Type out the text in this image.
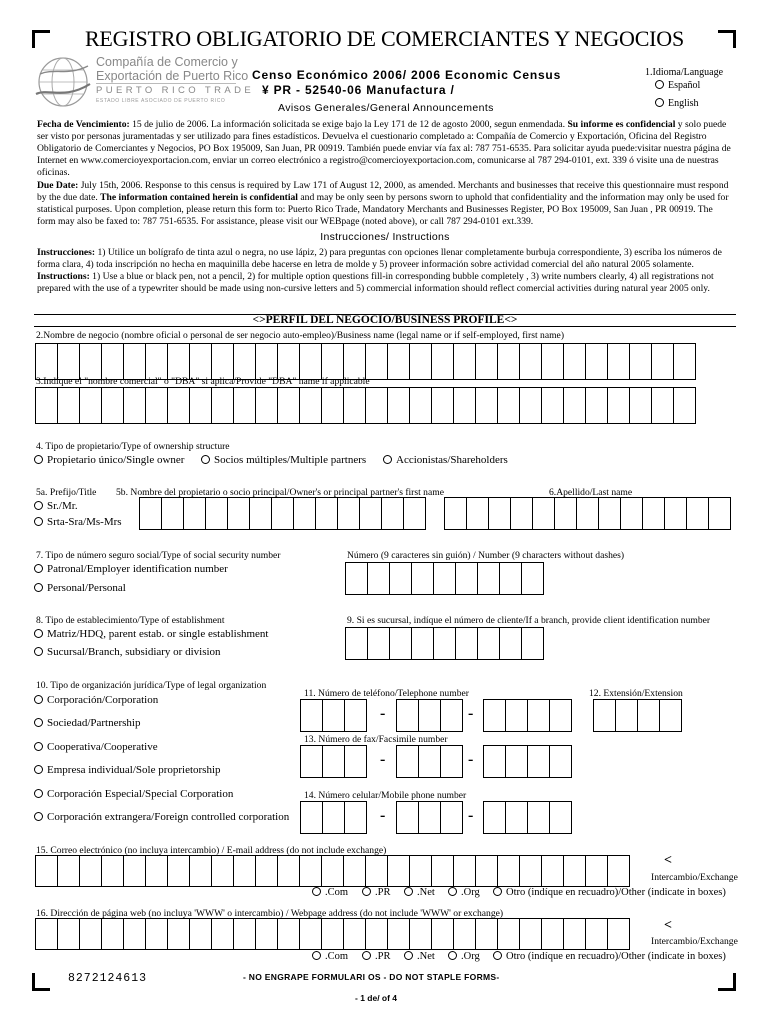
REGISTRO OBLIGATORIO DE COMERCIANTES Y NEGOCIOS
Compañía de Comercio y
Exportación de Puerto Rico
PUERTO RICO TRADE
ESTADO LIBRE ASOCIADO DE PUERTO RICO
Censo Económico 2006/ 2006 Economic Census
¥ PR - 52540-06 Manufactura /
Avisos Generales/General Announcements
1.Idioma/Language
Español
English
Fecha de Vencimiento: 15 de julio de 2006. La información solicitada se exige bajo la Ley 171 de 12 de agosto 2000, segun enmendada. Su informe es confidencial y solo puede ser visto por personas juramentadas y ser utilizado para fines estadísticos. Devuelva el cuestionario completado a: Compañía de Comercio y Exportación, Oficina del Registro Obligatorio de Comerciantes y Negocios, PO Box 195009, San Juan, PR 00919. También puede enviar vía fax al: 787 751-6535. Para solicitar ayuda puede:visitar nuestra página de Internet en www.comercioyexportacion.com, enviar un correo electrónico a registro@comercioyexportacion.com, comunicarse al 787 294-0101, ext. 339 ó visite una de nuestras oficinas.
Due Date: July 15th, 2006. Response to this census is required by Law 171 of August 12, 2000, as amended. Merchants and businesses that receive this questionnaire must respond by the due date. The information contained herein is confidential and may be only seen by persons sworn to uphold that confidentiality and the information may only be used for statistical purposes. Upon completion, please return this form to: Puerto Rico Trade, Mandatory Merchants and Businesses Register, PO Box 195009, San Juan , PR 00919. The form may also be faxed to: 787 751-6535. For assistance, please visit our WEBpage (noted above), or call 787 294-0101 ext.339.
Instrucciones/ Instructions
Instrucciones: 1) Utilice un bolígrafo de tinta azul o negra, no use lápiz, 2) para preguntas con opciones llenar completamente burbuja correspondiente, 3) escriba los números de forma clara, 4) toda inscripción no hecha en maquinilla debe hacerse en letra de molde y 5) proveer información sobre actividad comercial del año natural 2005 solamente. Instructions: 1) Use a blue or black pen, not a pencil, 2) for multiple option questions fill-in corresponding bubble completely , 3) write numbers clearly, 4) all registrations not prepared with the use of a typewriter should be made using non-cursive letters and 5) commercial information should reflect comercial activities during natural year 2005 only.
<>PERFIL DEL NEGOCIO/BUSINESS PROFILE<>
2.Nombre de negocio (nombre oficial o personal de ser negocio auto-empleo)/Business name (legal name or if self-employed, first name)
3.Indíque el "nombre comercial" o "DBA" si aplica/Provide "DBA" name if applicable
4. Tipo de propietario/Type of ownership structure
Propietario único/Single owner	Socios múltiples/Multiple partners	Accionistas/Shareholders
5a. Prefijo/Title 5b. Nombre del propietario o socio principal/Owner's or principal partner's first name	6.Apellido/Last name
Sr./Mr.
Srta-Sra/Ms-Mrs
7. Tipo de número seguro social/Type of social security number	Número (9 caracteres sin guión) / Number (9 characters without dashes)
Patronal/Employer identification number
Personal/Personal
8. Tipo de establecimiento/Type of establishment	9. Si es sucursal, indíque el número de cliente/If a branch, provide client identification number
Matriz/HDQ, parent estab. or single establishment
Sucursal/Branch, subsidiary or division
10. Tipo de organización jurídica/Type of legal organization
Corporación/Corporation
Sociedad/Partnership
Cooperativa/Cooperative
Empresa individual/Sole proprietorship
Corporación Especial/Special Corporation
Corporación extrangera/Foreign controlled corporation
11. Número de teléfono/Telephone number
-	-
12. Extensión/Extension
13. Número de fax/Facsimile number
-	-
14. Número celular/Mobile phone number
-	-
15. Correo electrónico (no incluya intercambio) / E-mail address (do not include exchange)
<
Intercambio/Exchange
.Com	.PR	.Net	.Org	Otro (indíque en recuadro)/Other (indicate in boxes)
16. Dirección de página web (no incluya 'WWW' o intercambio) / Webpage address (do not include 'WWW' or exchange)
<
Intercambio/Exchange
.Com	.PR	.Net	.Org	Otro (indíque en recuadro)/Other (indicate in boxes)
8272124613	- NO ENGRAPE FORMULARI OS - DO NOT STAPLE FORMS-
- 1 de/ of 4
